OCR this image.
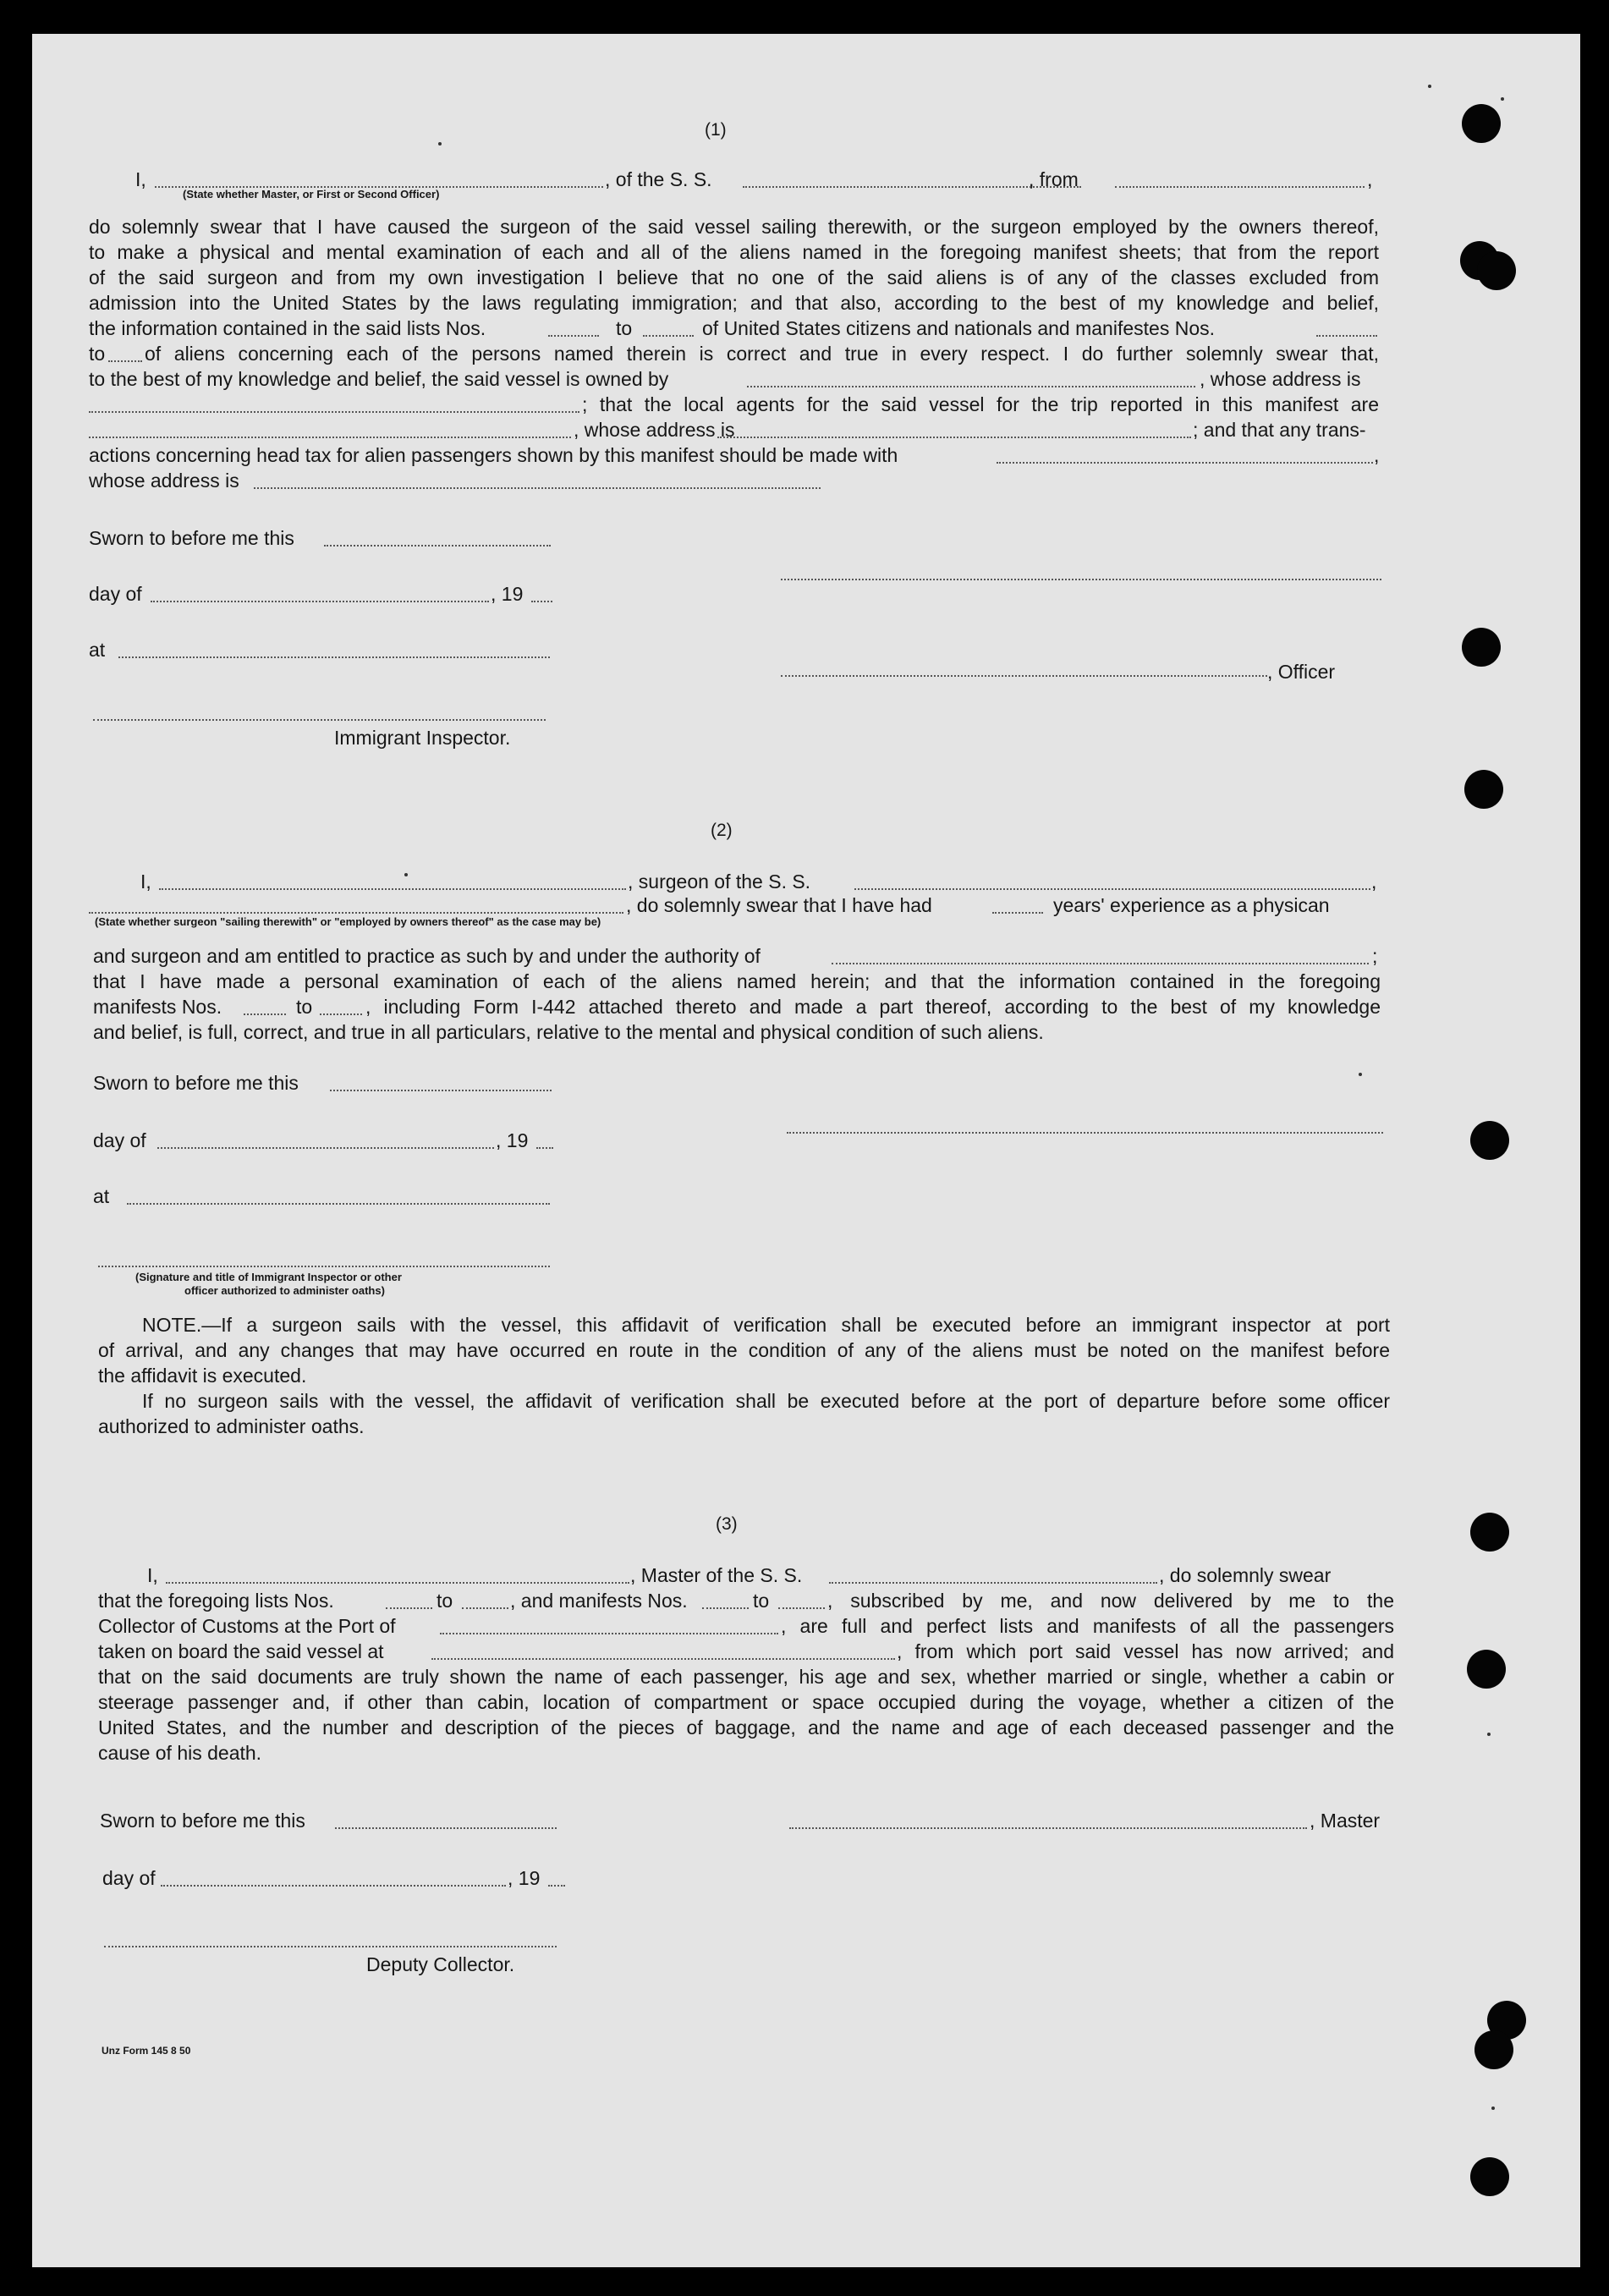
(1)
I,	, of the S. S.	, from	,
(State whether Master, or First or Second Officer)
do solemnly swear that I have caused the surgeon of the said vessel sailing therewith, or the surgeon employed by the owners thereof,
to make a physical and mental examination of each and all of the aliens named in the foregoing manifest sheets; that from the report
of the said surgeon and from my own investigation I believe that no one of the said aliens is of any of the classes excluded from
admission into the United States by the laws regulating immigration; and that also, according to the best of my knowledge and belief,
the information contained in the said lists Nos.	to	of United States citizens and nationals and manifestes Nos.
to of aliens concerning each of the persons named therein is correct and true in every respect. I do further solemnly swear that,
to the best of my knowledge and belief, the said vessel is owned by	, whose address is
; that the local agents for the said vessel for the trip reported in this manifest are
, whose address is	; and that any trans-
actions concerning head tax for alien passengers shown by this manifest should be made with	,
whose address is
Sworn to before me this
day of	, 19
at
, Officer
Immigrant Inspector.
(2)
I,	, surgeon of the S. S.	,
, do solemnly swear that I have had	years' experience as a physican
(State whether surgeon "sailing therewith" or "employed by owners thereof" as the case may be)
and surgeon and am entitled to practice as such by and under the authority of	;
that I have made a personal examination of each of the aliens named herein; and that the information contained in the foregoing
manifests Nos.	to	, including Form I-442 attached thereto and made a part thereof, according to the best of my knowledge
and belief, is full, correct, and true in all particulars, relative to the mental and physical condition of such aliens.
Sworn to before me this
day of	, 19
at
(Signature and title of Immigrant Inspector or other
officer authorized to administer oaths)
NOTE.—If a surgeon sails with the vessel, this affidavit of verification shall be executed before an immigrant inspector at port
of arrival, and any changes that may have occurred en route in the condition of any of the aliens must be noted on the manifest before
the affidavit is executed.
If no surgeon sails with the vessel, the affidavit of verification shall be executed before at the port of departure before some officer
authorized to administer oaths.
(3)
I,	, Master of the S. S.	, do solemnly swear
that the foregoing lists Nos.	to	, and manifests Nos.	to	, subscribed by me, and now delivered by me to the
Collector of Customs at the Port of	, are full and perfect lists and manifests of all the passengers
taken on board the said vessel at	, from which port said vessel has now arrived; and
that on the said documents are truly shown the name of each passenger, his age and sex, whether married or single, whether a cabin or
steerage passenger and, if other than cabin, location of compartment or space occupied during the voyage, whether a citizen of the
United States, and the number and description of the pieces of baggage, and the name and age of each deceased passenger and the
cause of his death.
Sworn to before me this	, Master
day of	, 19
Deputy Collector.
Unz Form 145 8 50
